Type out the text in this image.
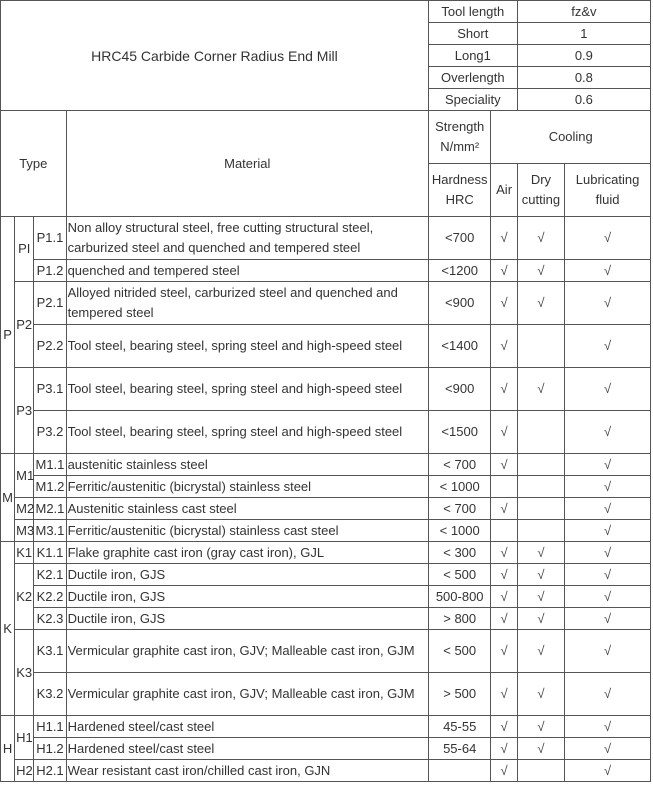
HRC45 Carbide Corner Radius End Mill				Tool length		fz&v	
				Short		1	
				Long1		0.9	
				Overlength		0.8	
				Speciality		0.6	
Type			Material	Strength N/mm²	Cooling		
				Hardness HRC	Air	Dry cutting	Lubricating fluid
P	PI	P1.1	Non alloy structural steel, free cutting structural steel, carburized steel and quenched and tempered steel	<700	√	√	√
		P1.2	quenched and tempered steel	<1200	√	√	√
	P2	P2.1	Alloyed nitrided steel, carburized steel and quenched and tempered steel	<900	√	√	√
		P2.2	Tool steel, bearing steel, spring steel and high-speed steel	<1400	√		√
	P3	P3.1	Tool steel, bearing steel, spring steel and high-speed steel	<900	√	√	√
		P3.2	Tool steel, bearing steel, spring steel and high-speed steel	<1500	√		√
M	M1	M1.1	austenitic stainless steel	< 700	√		√
		M1.2	Ferritic/austenitic (bicrystal) stainless steel	< 1000			√
	M2	M2.1	Austenitic stainless cast steel	< 700	√		√
	M3	M3.1	Ferritic/austenitic (bicrystal) stainless cast steel	< 1000			√
K	K1	K1.1	Flake graphite cast iron (gray cast iron), GJL	< 300	√	√	√
	K2	K2.1	Ductile iron, GJS	< 500	√	√	√
		K2.2	Ductile iron, GJS	500-800	√	√	√
		K2.3	Ductile iron, GJS	> 800	√	√	√
	K3	K3.1	Vermicular graphite cast iron, GJV; Malleable cast iron, GJM	< 500	√	√	√
		K3.2	Vermicular graphite cast iron, GJV; Malleable cast iron, GJM	> 500	√	√	√
H	H1	H1.1	Hardened steel/cast steel	45-55	√	√	√
		H1.2	Hardened steel/cast steel	55-64	√	√	√
	H2	H2.1	Wear resistant cast iron/chilled cast iron, GJN		√		√
